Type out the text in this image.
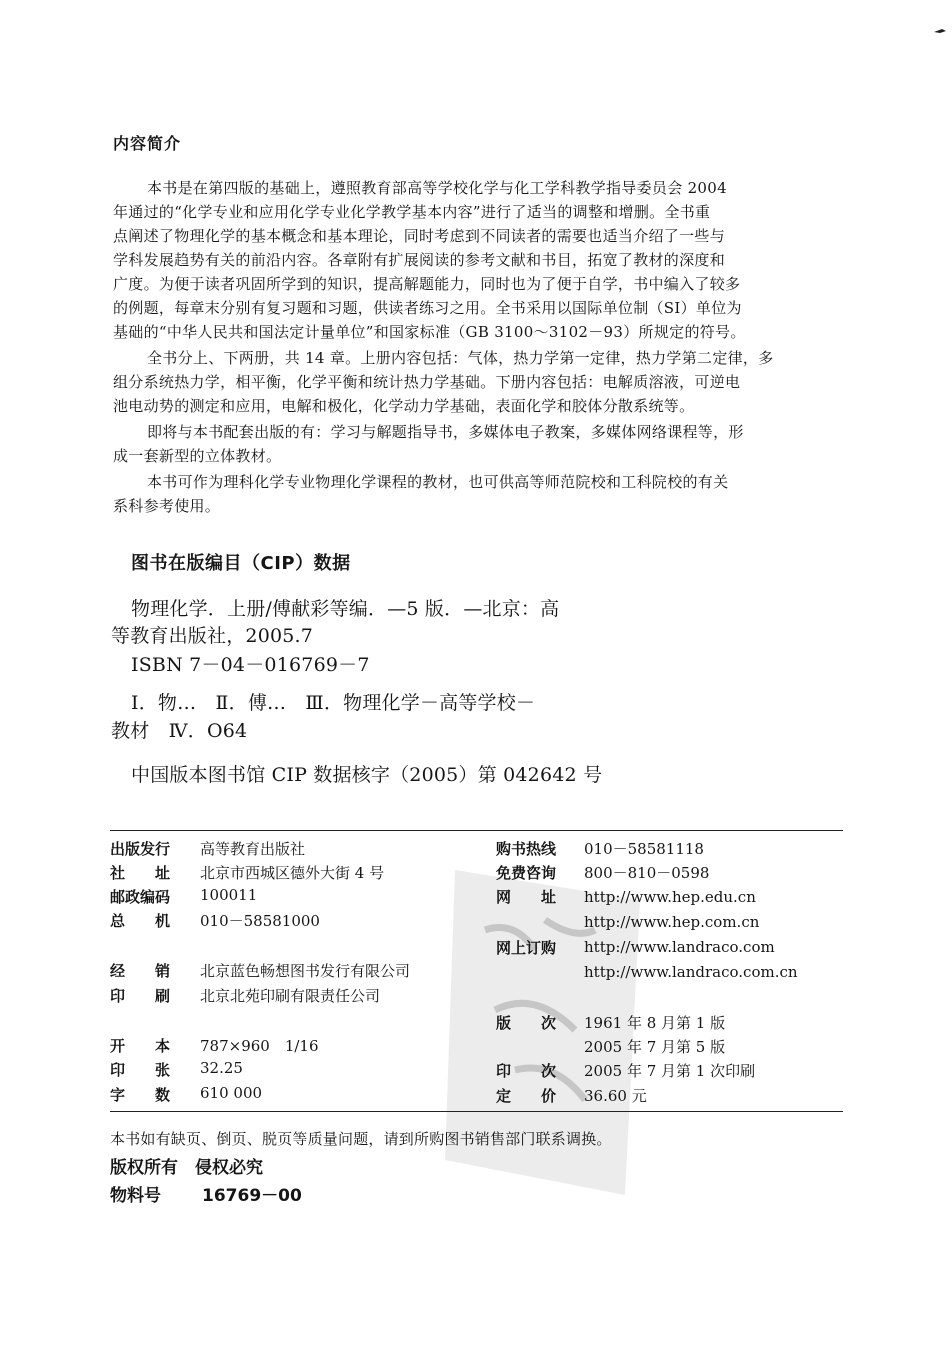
内容简介
本书是在第四版的基础上，遵照教育部高等学校化学与化工学科教学指导委员会 2004
年通过的“化学专业和应用化学专业化学教学基本内容”进行了适当的调整和增删。全书重
点阐述了物理化学的基本概念和基本理论，同时考虑到不同读者的需要也适当介绍了一些与
学科发展趋势有关的前沿内容。各章附有扩展阅读的参考文献和书目，拓宽了教材的深度和
广度。为便于读者巩固所学到的知识，提高解题能力，同时也为了便于自学，书中编入了较多
的例题，每章末分别有复习题和习题，供读者练习之用。全书采用以国际单位制（SI）单位为
基础的“中华人民共和国法定计量单位”和国家标准（GB 3100～3102－93）所规定的符号。
全书分上、下两册，共 14 章。上册内容包括：气体，热力学第一定律，热力学第二定律，多
组分系统热力学，相平衡，化学平衡和统计热力学基础。下册内容包括：电解质溶液，可逆电
池电动势的测定和应用，电解和极化，化学动力学基础，表面化学和胶体分散系统等。
即将与本书配套出版的有：学习与解题指导书，多媒体电子教案，多媒体网络课程等，形
成一套新型的立体教材。
本书可作为理科化学专业物理化学课程的教材，也可供高等师范院校和工科院校的有关
系科参考使用。
图书在版编目（CIP）数据
物理化学．上册/傅献彩等编．—5 版．—北京：高
等教育出版社，2005.7
ISBN 7－04－016769－7
Ⅰ．物…　Ⅱ．傅…　Ⅲ．物理化学－高等学校－
教材　Ⅳ．O64
中国版本图书馆 CIP 数据核字（2005）第 042642 号
出版发行 高等教育出版社
社　　址 北京市西城区德外大街 4 号
邮政编码 100011
总　　机 010－58581000
经　　销 北京蓝色畅想图书发行有限公司
印　　刷 北京北苑印刷有限责任公司
开　　本 787×960　1/16
印　　张 32.25
字　　数 610 000
购书热线 010－58581118
免费咨询 800－810－0598
网　　址 http://www.hep.edu.cn
http://www.hep.com.cn
网上订购 http://www.landraco.com
http://www.landraco.com.cn
版　　次 1961 年 8 月第 1 版
2005 年 7 月第 5 版
印　　次 2005 年 7 月第 1 次印刷
定　　价 36.60 元
本书如有缺页、倒页、脱页等质量问题，请到所购图书销售部门联系调换。
版权所有　侵权必究
物料号 16769－00
